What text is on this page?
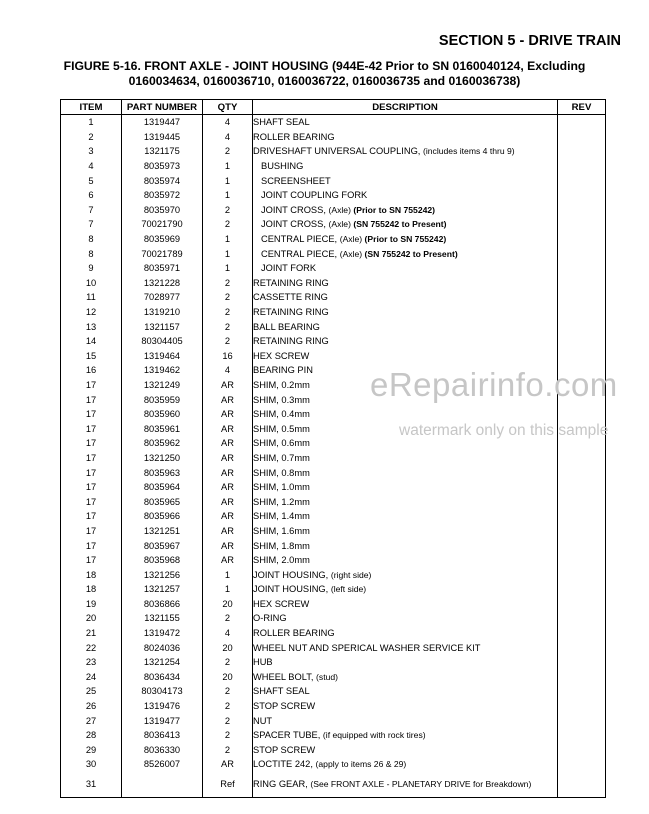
SECTION 5 - DRIVE TRAIN
FIGURE 5-16. FRONT AXLE - JOINT HOUSING (944E-42 Prior to SN 0160040124, Excluding
0160034634, 0160036710, 0160036722, 0160036735 and 0160036738)
ITEM	PART NUMBER	QTY	DESCRIPTION	REV
1	1319447	4	SHAFT SEAL	
2	1319445	4	ROLLER BEARING	
3	1321175	2	DRIVESHAFT UNIVERSAL COUPLING, (includes items 4 thru 9)	
4	8035973	1	BUSHING	
5	8035974	1	SCREENSHEET	
6	8035972	1	JOINT COUPLING FORK	
7	8035970	2	JOINT CROSS, (Axle) (Prior to SN 755242)	
7	70021790	2	JOINT CROSS, (Axle) (SN 755242 to Present)	
8	8035969	1	CENTRAL PIECE, (Axle) (Prior to SN 755242)	
8	70021789	1	CENTRAL PIECE, (Axle) (SN 755242 to Present)	
9	8035971	1	JOINT FORK	
10	1321228	2	RETAINING RING	
11	7028977	2	CASSETTE RING	
12	1319210	2	RETAINING RING	
13	1321157	2	BALL BEARING	
14	80304405	2	RETAINING RING	
15	1319464	16	HEX SCREW	
16	1319462	4	BEARING PIN	
17	1321249	AR	SHIM, 0.2mm	
17	8035959	AR	SHIM, 0.3mm	
17	8035960	AR	SHIM, 0.4mm	
17	8035961	AR	SHIM, 0.5mm	
17	8035962	AR	SHIM, 0.6mm	
17	1321250	AR	SHIM, 0.7mm	
17	8035963	AR	SHIM, 0.8mm	
17	8035964	AR	SHIM, 1.0mm	
17	8035965	AR	SHIM, 1.2mm	
17	8035966	AR	SHIM, 1.4mm	
17	1321251	AR	SHIM, 1.6mm	
17	8035967	AR	SHIM, 1.8mm	
17	8035968	AR	SHIM, 2.0mm	
18	1321256	1	JOINT HOUSING, (right side)	
18	1321257	1	JOINT HOUSING, (left side)	
19	8036866	20	HEX SCREW	
20	1321155	2	O-RING	
21	1319472	4	ROLLER BEARING	
22	8024036	20	WHEEL NUT AND SPERICAL WASHER SERVICE KIT	
23	1321254	2	HUB	
24	8036434	20	WHEEL BOLT, (stud)	
25	80304173	2	SHAFT SEAL	
26	1319476	2	STOP SCREW	
27	1319477	2	NUT	
28	8036413	2	SPACER TUBE, (if equipped with rock tires)	
29	8036330	2	STOP SCREW	
30	8526007	AR	LOCTITE 242, (apply to items 26 & 29)	
31		Ref	RING GEAR, (See FRONT AXLE - PLANETARY DRIVE for Breakdown)	
eRepairinfo.com
watermark only on this sample
